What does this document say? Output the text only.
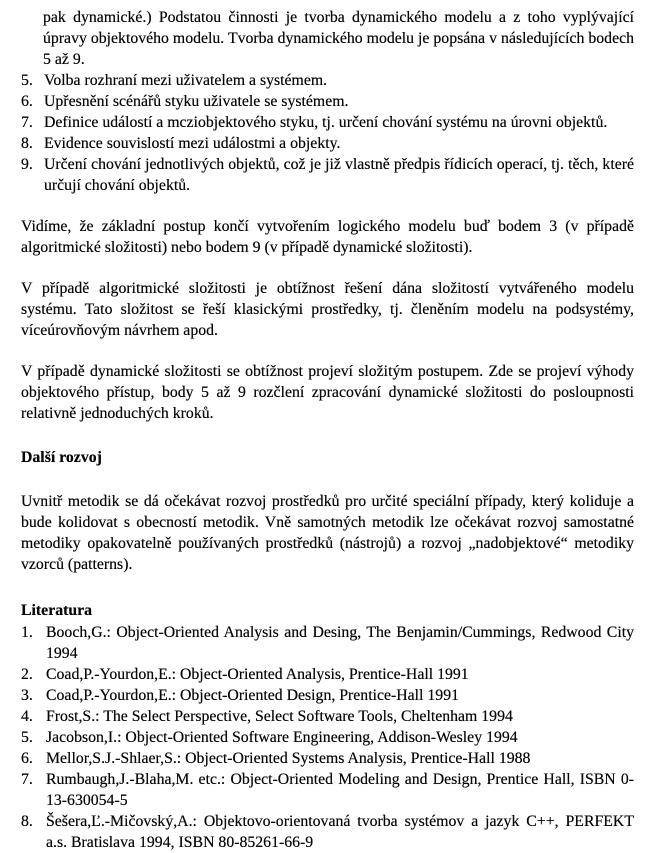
pak dynamické.) Podstatou činnosti je tvorba dynamického modelu a z toho vyplývající úpravy objektového modelu. Tvorba dynamického modelu je popsána v následujících bodech 5 až 9.

5. Volba rozhraní mezi uživatelem a systémem.
6. Upřesnění scénářů styku uživatele se systémem.
7. Definice událostí a mcziobjektového styku, tj. určení chování systému na úrovni objektů.
8. Evidence souvislostí mezi událostmi a objekty.
9. Určení chování jednotlivých objektů, což je již vlastně předpis řídicích operací, tj. těch, které určují chování objektů.

Vidíme, že základní postup končí vytvořením logického modelu buď bodem 3 (v případě algoritmické složitosti) nebo bodem 9 (v případě dynamické složitosti).

V případě algoritmické složitosti je obtížnost řešení dána složitostí vytvářeného modelu systému. Tato složitost se řeší klasickými prostředky, tj. členěním modelu na podsystémy, víceúrovňovým návrhem apod.

V případě dynamické složitosti se obtížnost projeví složitým postupem. Zde se projeví výhody objektového přístup, body 5 až 9 rozčlení zpracování dynamické složitosti do posloupnosti relativně jednoduchých kroků.

Další rozvoj

Uvnitř metodik se dá očekávat rozvoj prostředků pro určité speciální případy, který koliduje a bude kolidovat s obecností metodik. Vně samotných metodik lze očekávat rozvoj samostatné metodiky opakovatelně používaných prostředků (nástrojů) a rozvoj „nadobjektové“ metodiky vzorců (patterns).

Literatura
1. Booch,G.: Object-Oriented Analysis and Desing, The Benjamin/Cummings, Redwood City 1994
2. Coad,P.-Yourdon,E.: Object-Oriented Analysis, Prentice-Hall 1991
3. Coad,P.-Yourdon,E.: Object-Oriented Design, Prentice-Hall 1991
4. Frost,S.: The Select Perspective, Select Software Tools, Cheltenham 1994
5. Jacobson,I.: Object-Oriented Software Engineering, Addison-Wesley 1994
6. Mellor,S.J.-Shlaer,S.: Object-Oriented Systems Analysis, Prentice-Hall 1988
7. Rumbaugh,J.-Blaha,M. etc.: Object-Oriented Modeling and Design, Prentice Hall, ISBN 0-13-630054-5
8. Šešera,Ľ.-Mičovský,A.: Objektovo-orientovaná tvorba systémov a jazyk C++, PERFEKT a.s. Bratislava 1994, ISBN 80-85261-66-9
